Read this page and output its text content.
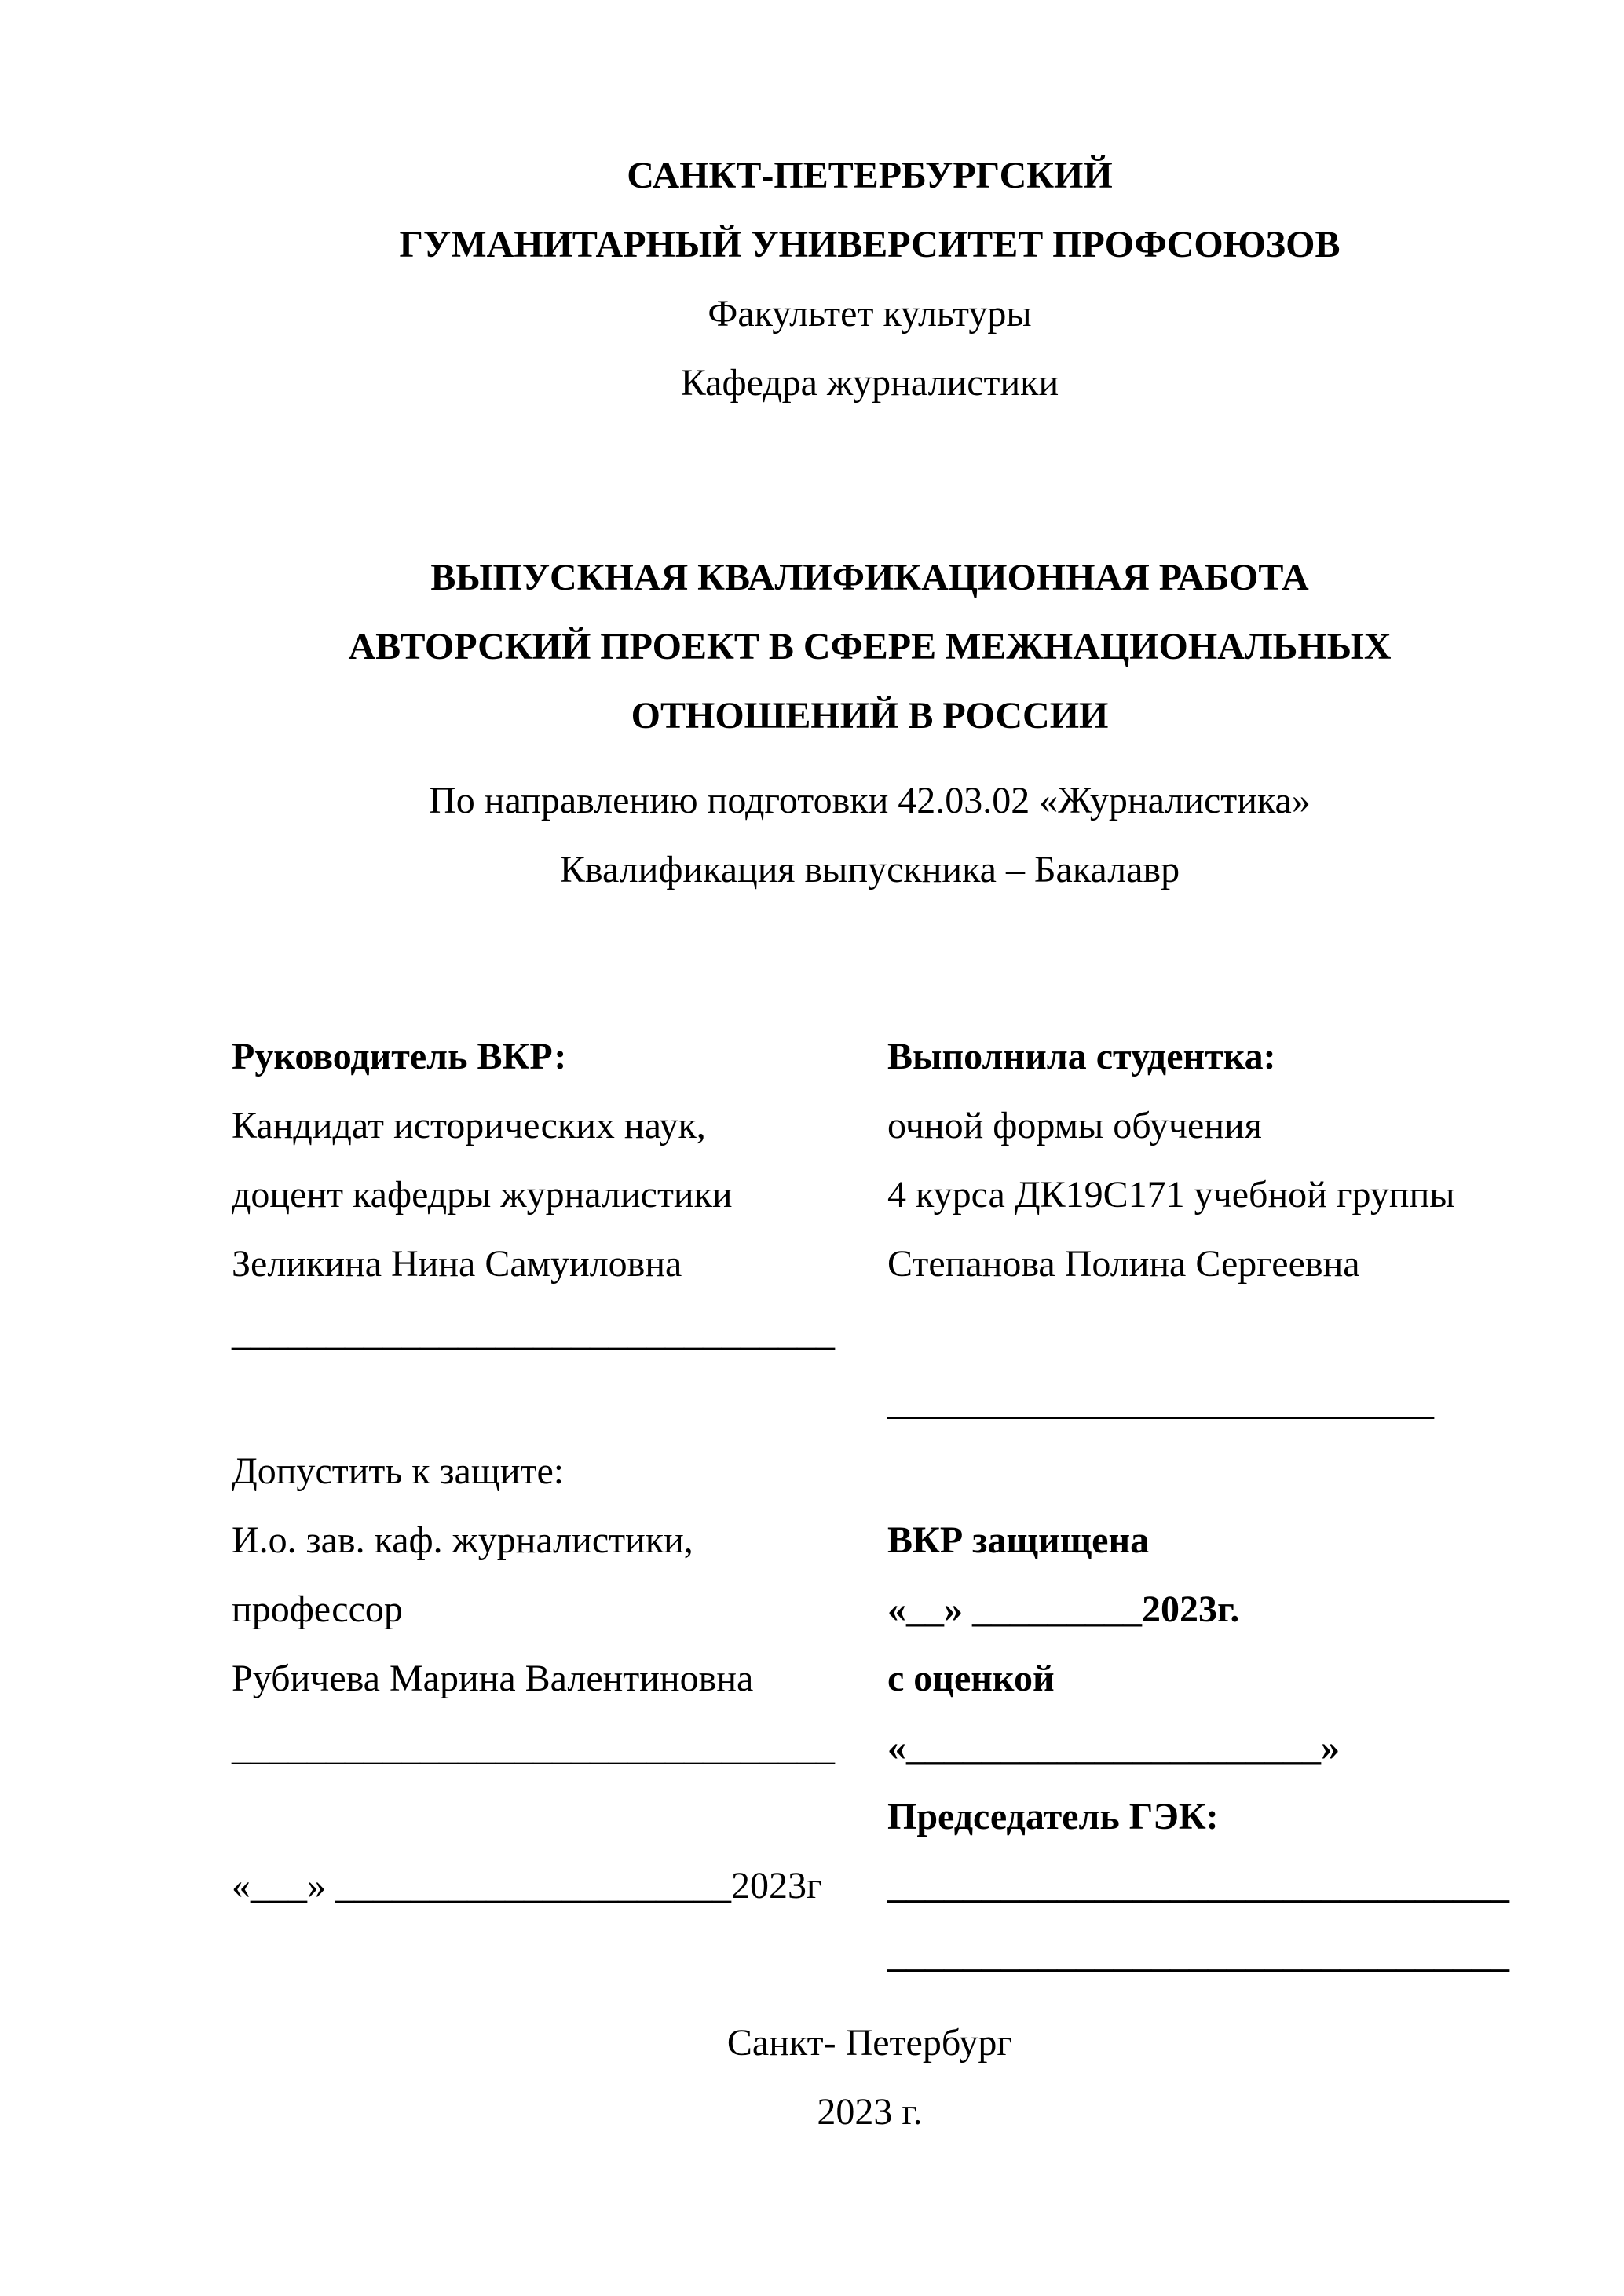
САНКТ-ПЕТЕРБУРГСКИЙ
ГУМАНИТАРНЫЙ УНИВЕРСИТЕТ ПРОФСОЮЗОВ
Факультет культуры
Кафедра журналистики
ВЫПУСКНАЯ КВАЛИФИКАЦИОННАЯ РАБОТА
АВТОРСКИЙ ПРОЕКТ В СФЕРЕ МЕЖНАЦИОНАЛЬНЫХ
ОТНОШЕНИЙ В РОССИИ
По направлению подготовки 42.03.02 «Журналистика»
Квалификация выпускника – Бакалавр
Руководитель ВКР:	Выполнила студентка:
Кандидат исторических наук,	очной формы обучения
доцент кафедры журналистики	4 курса ДК19С171 учебной группы
Зеликина Нина Самуиловна	Степанова Полина Сергеевна
________________________________
_____________________________
Допустить к защите:
И.о. зав. каф. журналистики,	ВКР защищена
профессор	«__» _________2023г.
Рубичева Марина Валентиновна	с оценкой
________________________________	«______________________»
Председатель ГЭК:
«___» _____________________2023г	_________________________________
_________________________________
Санкт- Петербург
2023 г.
